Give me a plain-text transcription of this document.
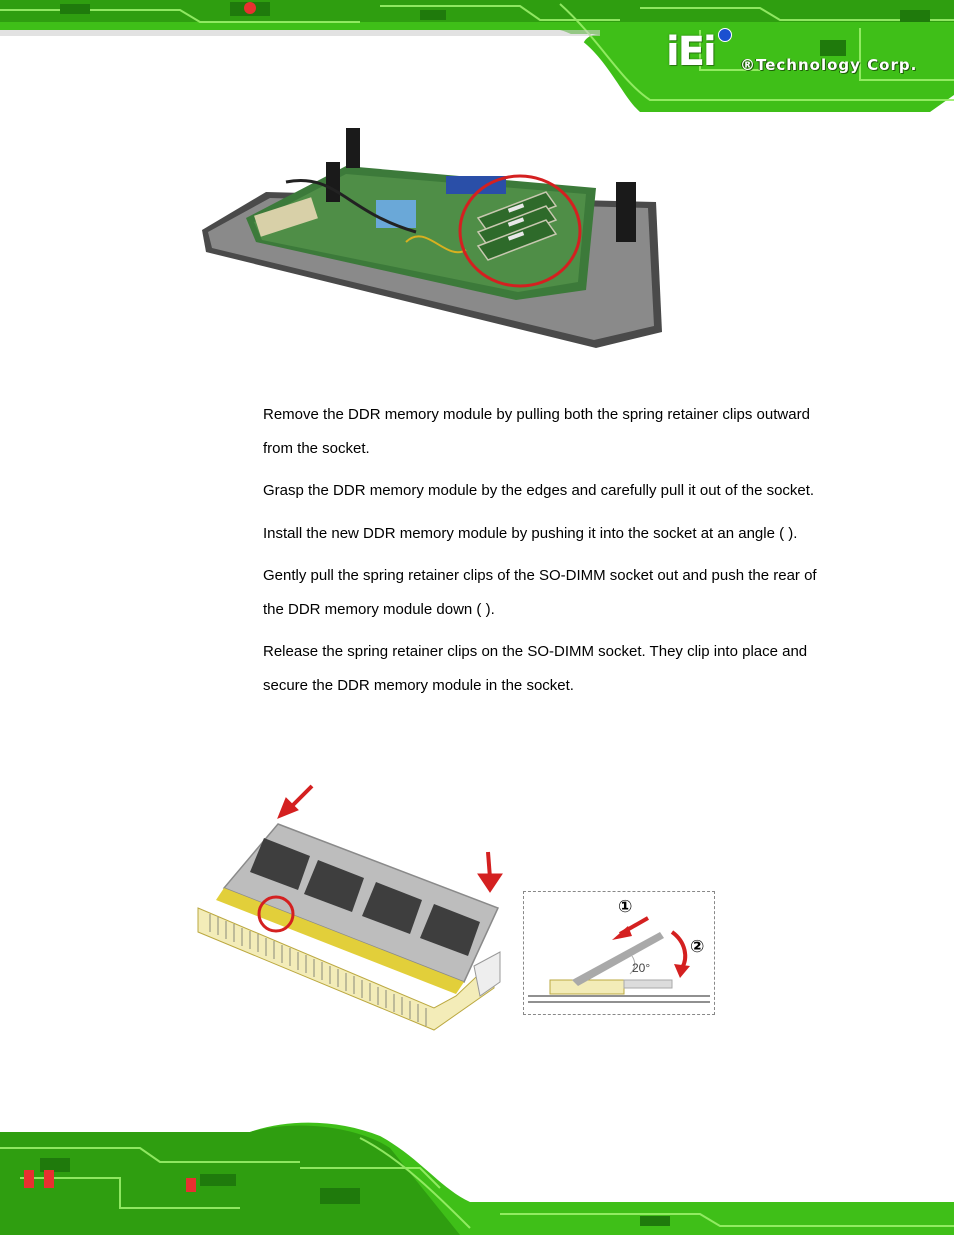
iEi ®Technology Corp.

Remove the DDR memory module by pulling both the spring retainer clips outward from the socket.

Grasp the DDR memory module by the edges and carefully pull it out of the socket.

Install the new DDR memory module by pushing it into the socket at an angle ( ).

Gently pull the spring retainer clips of the SO-DIMM socket out and push the rear of the DDR memory module down ( ).

Release the spring retainer clips on the SO-DIMM socket. They clip into place and secure the DDR memory module in the socket.

①
②
20°
